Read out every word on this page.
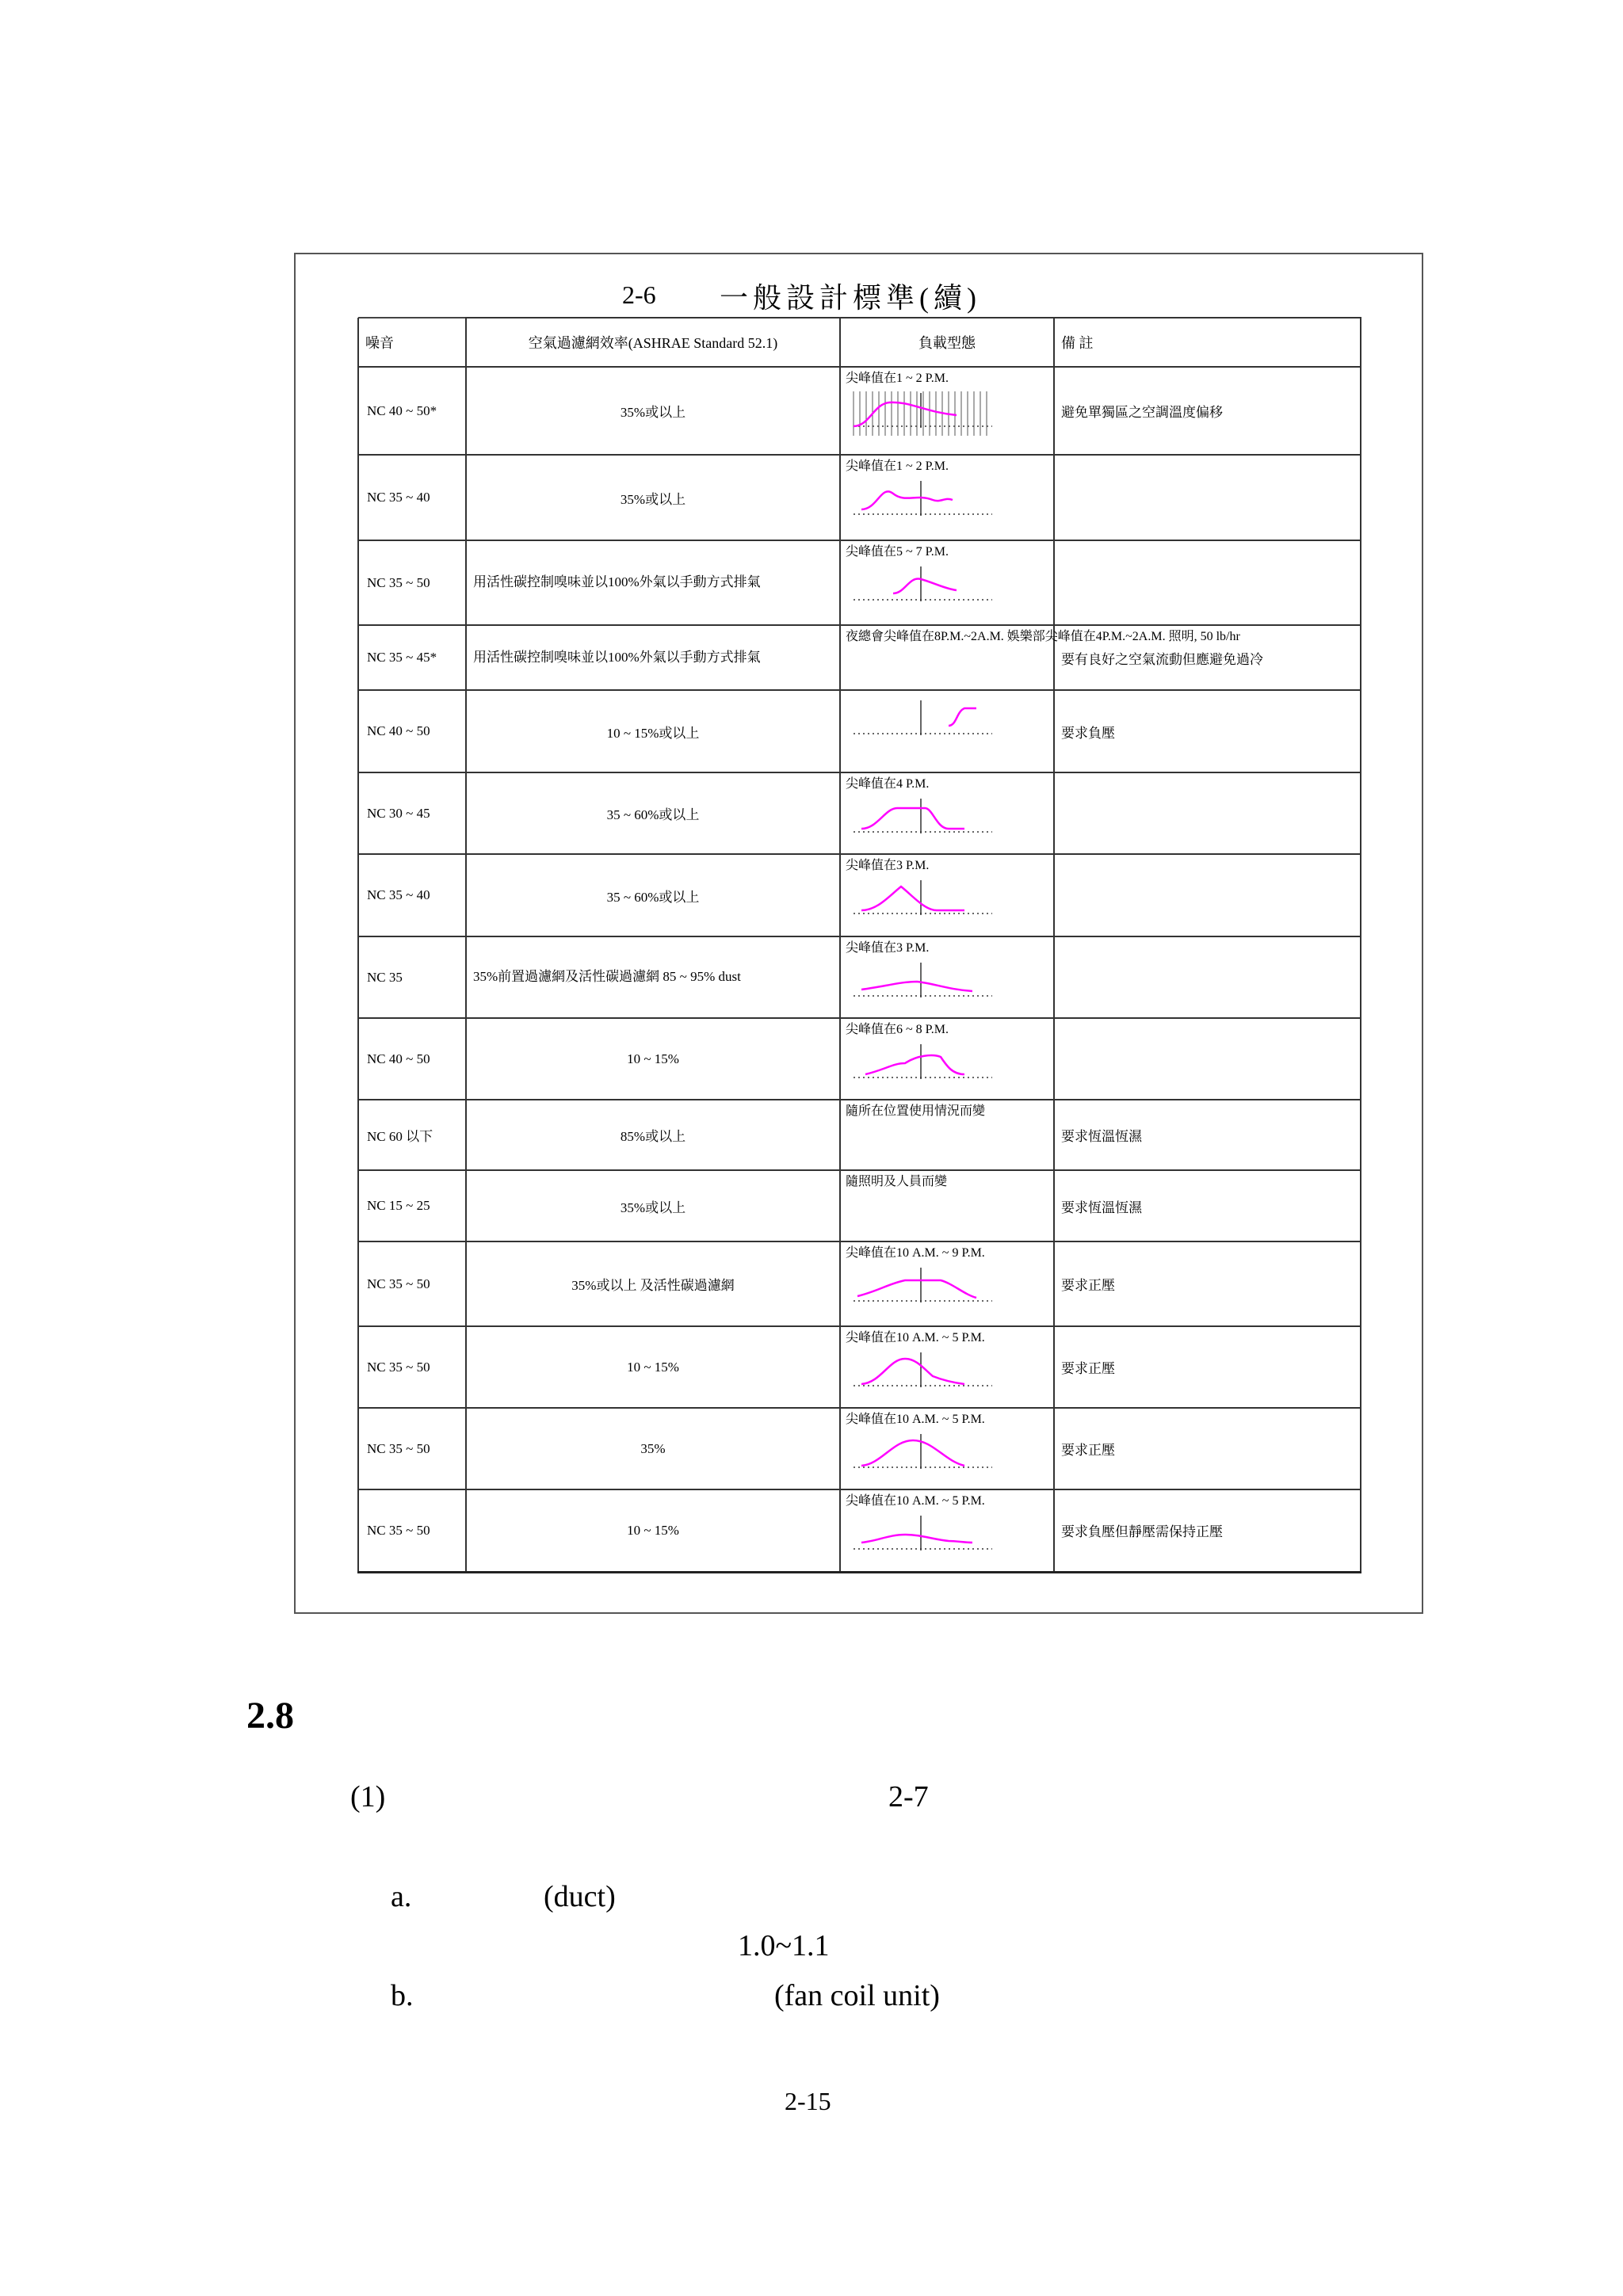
2-6 一般設計標準(續)
噪音	空氣過濾網效率(ASHRAE Standard 52.1)	負載型態	備 註
NC 40 ~ 50*	35%或以上	尖峰值在1 ~ 2 P.M.	避免單獨區之空調溫度偏移
NC 35 ~ 40	35%或以上	尖峰值在1 ~ 2 P.M.	

NC 35 ~ 50	用活性碳控制嗅味並以100%外氣以手動方式排氣	尖峰值在5 ~ 7 P.M.	

NC 35 ~ 45*	用活性碳控制嗅味並以100%外氣以手動方式排氣	夜總會尖峰值在8P.M.~2A.M. 娛樂部尖峰值在4P.M.~2A.M. 照明, 50 lb/hr	要有良好之空氣流動但應避免過冷
NC 40 ~ 50	10 ~ 15%或以上		要求負壓
NC 30 ~ 45	35 ~ 60%或以上	尖峰值在4 P.M.	

NC 35 ~ 40	35 ~ 60%或以上	尖峰值在3 P.M.	

NC 35	35%前置過濾網及活性碳過濾網 85 ~ 95% dust	尖峰值在3 P.M.	

NC 40 ~ 50	10 ~ 15%	尖峰值在6 ~ 8 P.M.	

NC 60 以下	85%或以上	隨所在位置使用情況而變	要求恆溫恆濕
NC 15 ~ 25	35%或以上	隨照明及人員而變	要求恆溫恆濕
NC 35 ~ 50	35%或以上 及活性碳過濾網	尖峰值在10 A.M. ~ 9 P.M.	要求正壓
NC 35 ~ 50	10 ~ 15%	尖峰值在10 A.M. ~ 5 P.M.	要求正壓
NC 35 ~ 50	35%	尖峰值在10 A.M. ~ 5 P.M.	要求正壓
NC 35 ~ 50	10 ~ 15%	尖峰值在10 A.M. ~ 5 P.M.	要求負壓但靜壓需保持正壓
2.8
(1)	2-7
a.	(duct)
1.0~1.1
b.	(fan coil unit)
2-15
